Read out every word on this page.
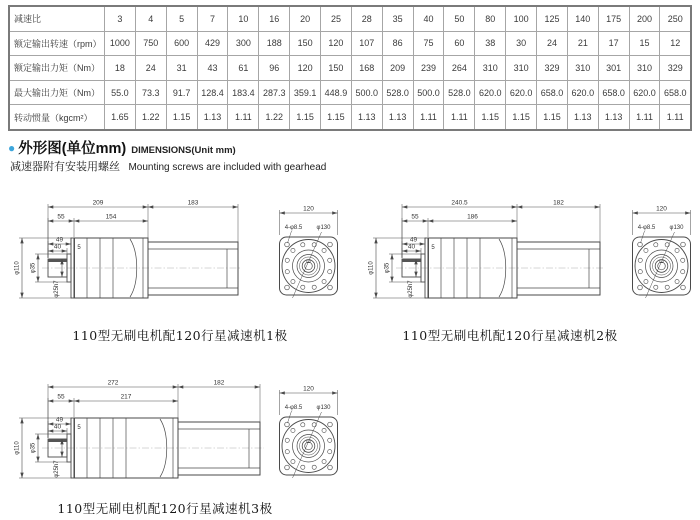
减速比	3	4	5	7	10	16	20	25	28	35	40	50	80	100	125	140	175	200	250
额定输出转速（rpm）	1000	750	600	429	300	188	150	120	107	86	75	60	38	30	24	21	17	15	12
额定输出力矩（Nm）	18	24	31	43	61	96	120	150	168	209	239	264	310	310	329	310	301	310	329
最大输出力矩（Nm）	55.0	73.3	91.7	128.4	183.4	287.3	359.1	448.9	500.0	528.0	500.0	528.0	620.0	620.0	658.0	620.0	658.0	620.0	658.0
转动惯量（kgcm²）	1.65	1.22	1.15	1.13	1.11	1.22	1.15	1.15	1.13	1.13	1.11	1.11	1.15	1.15	1.15	1.13	1.13	1.11	1.11
● 外形图(单位mm) DIMENSIONS(Unit mm)
减速器附有安装用螺丝 Mounting screws are included with gearhead
209	183
55	154
49
40	5
φ110 φ35
φ25h7
120
4-φ8.5 φ130
240.5	182
55	186
49
40	5
φ110 φ35
φ25h7
120
4-φ8.5 φ130
272	182
55	217
49
40	5
φ110 φ35
φ25h7
120
4-φ8.5 φ130
110型无刷电机配120行星减速机1极	110型无刷电机配120行星减速机2极
110型无刷电机配120行星减速机3极
